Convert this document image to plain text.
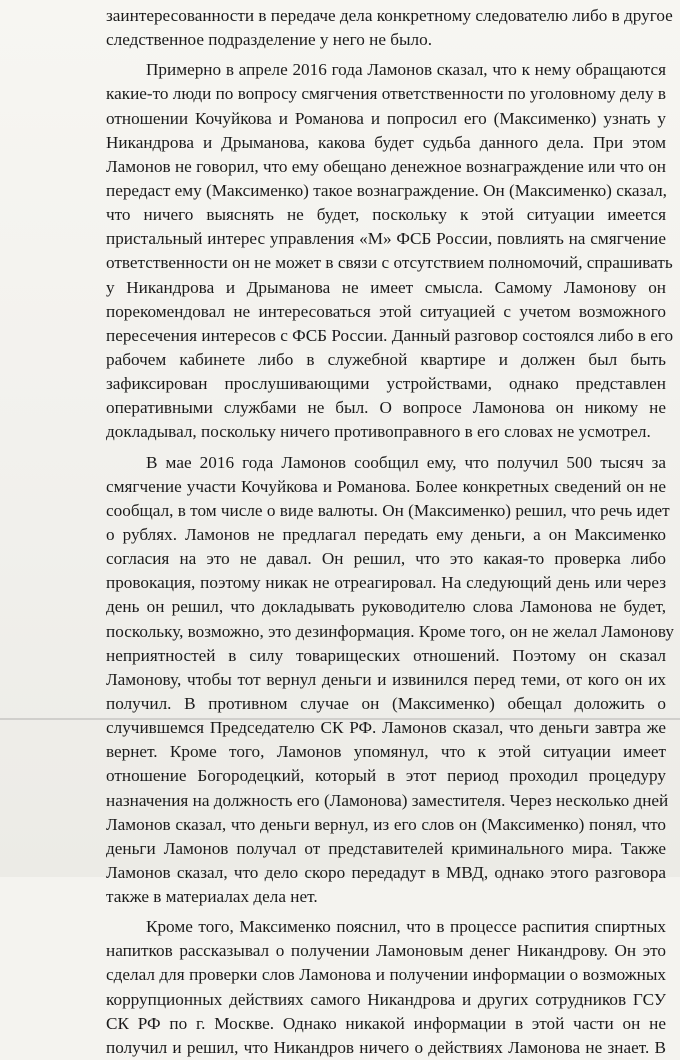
заинтересованности в передаче дела конкретному следователю либо в другое
следственное подразделение у него не было.
Примерно в апреле 2016 года Ламонов сказал, что к нему обращаются
какие-то люди по вопросу смягчения ответственности по уголовному делу в
отношении Кочуйкова и Романова и попросил его (Максименко) узнать у
Никандрова и Дрыманова, какова будет судьба данного дела. При этом
Ламонов не говорил, что ему обещано денежное вознаграждение или что он
передаст ему (Максименко) такое вознаграждение. Он (Максименко) сказал,
что ничего выяснять не будет, поскольку к этой ситуации имеется
пристальный интерес управления «М» ФСБ России, повлиять на смягчение
ответственности он не может в связи с отсутствием полномочий, спрашивать
у Никандрова и Дрыманова не имеет смысла. Самому Ламонову он
порекомендовал не интересоваться этой ситуацией с учетом возможного
пересечения интересов с ФСБ России. Данный разговор состоялся либо в его
рабочем кабинете либо в служебной квартире и должен был быть
зафиксирован прослушивающими устройствами, однако представлен
оперативными службами не был. О вопросе Ламонова он никому не
докладывал, поскольку ничего противоправного в его словах не усмотрел.
В мае 2016 года Ламонов сообщил ему, что получил 500 тысяч за
смягчение участи Кочуйкова и Романова. Более конкретных сведений он не
сообщал, в том числе о виде валюты. Он (Максименко) решил, что речь идет
о рублях. Ламонов не предлагал передать ему деньги, а он Максименко
согласия на это не давал. Он решил, что это какая-то проверка либо
провокация, поэтому никак не отреагировал. На следующий день или через
день он решил, что докладывать руководителю слова Ламонова не будет,
поскольку, возможно, это дезинформация. Кроме того, он не желал Ламонову
неприятностей в силу товарищеских отношений. Поэтому он сказал
Ламонову, чтобы тот вернул деньги и извинился перед теми, от кого он их
получил. В противном случае он (Максименко) обещал доложить о
случившемся Председателю СК РФ. Ламонов сказал, что деньги завтра же
вернет. Кроме того, Ламонов упомянул, что к этой ситуации имеет
отношение Богородецкий, который в этот период проходил процедуру
назначения на должность его (Ламонова) заместителя. Через несколько дней
Ламонов сказал, что деньги вернул, из его слов он (Максименко) понял, что
деньги Ламонов получал от представителей криминального мира. Также
Ламонов сказал, что дело скоро передадут в МВД, однако этого разговора
также в материалах дела нет.
Кроме того, Максименко пояснил, что в процессе распития спиртных
напитков рассказывал о получении Ламоновым денег Никандрову. Он это
сделал для проверки слов Ламонова и получении информации о возможных
коррупционных действиях самого Никандрова и других сотрудников ГСУ
СК РФ по г. Москве. Однако никакой информации в этой части он не
получил и решил, что Никандров ничего о действиях Ламонова не знает. В
